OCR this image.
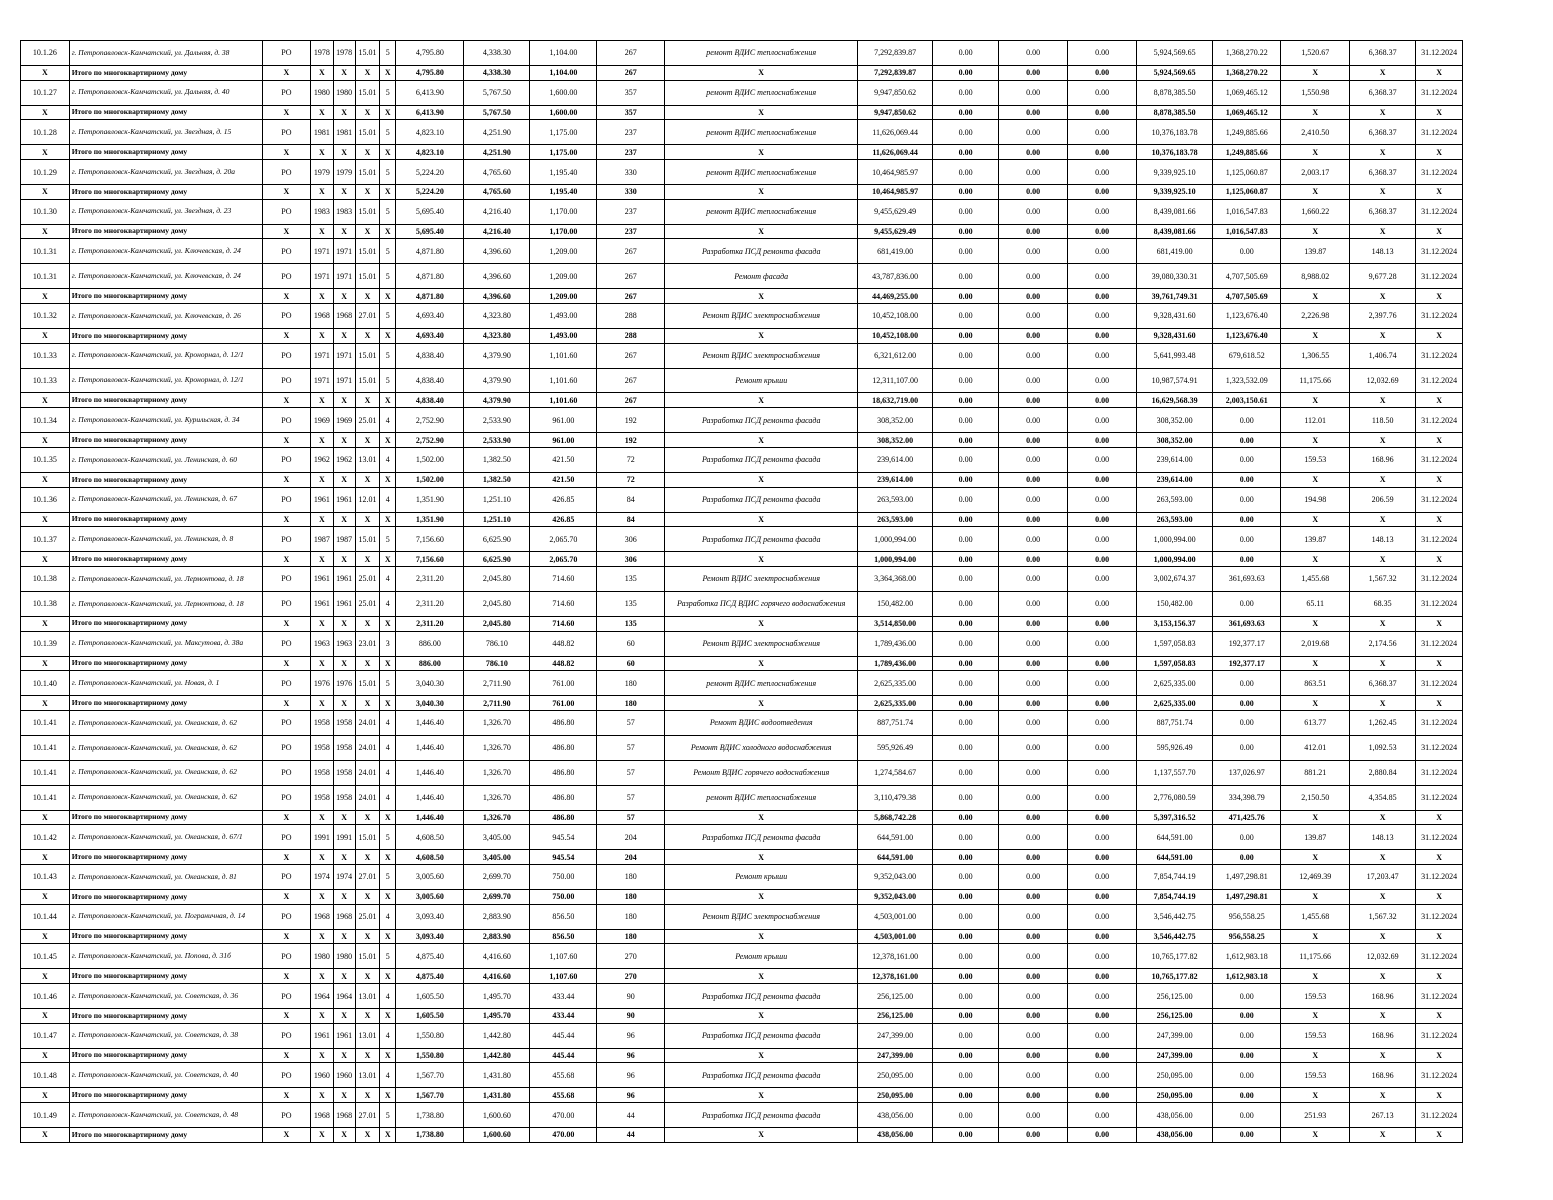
10.1.26	г. Петропавловск-Камчатский, ул. Дальняя, д. 38	РО	1978	1978	15.01	5	4,795.80	4,338.30	1,104.00	267	ремонт ВДИС теплоснабжения	7,292,839.87	0.00	0.00	0.00	5,924,569.65	1,368,270.22	1,520.67	6,368.37	31.12.2024
X	Итого по многоквартирному дому	X	X	X	X	X	4,795.80	4,338.30	1,104.00	267	X	7,292,839.87	0.00	0.00	0.00	5,924,569.65	1,368,270.22	X	X	X
10.1.27	г. Петропавловск-Камчатский, ул. Дальняя, д. 40	РО	1980	1980	15.01	5	6,413.90	5,767.50	1,600.00	357	ремонт ВДИС теплоснабжения	9,947,850.62	0.00	0.00	0.00	8,878,385.50	1,069,465.12	1,550.98	6,368.37	31.12.2024
X	Итого по многоквартирному дому	X	X	X	X	X	6,413.90	5,767.50	1,600.00	357	X	9,947,850.62	0.00	0.00	0.00	8,878,385.50	1,069,465.12	X	X	X
10.1.28	г. Петропавловск-Камчатский, ул. Звездная, д. 15	РО	1981	1981	15.01	5	4,823.10	4,251.90	1,175.00	237	ремонт ВДИС теплоснабжения	11,626,069.44	0.00	0.00	0.00	10,376,183.78	1,249,885.66	2,410.50	6,368.37	31.12.2024
X	Итого по многоквартирному дому	X	X	X	X	X	4,823.10	4,251.90	1,175.00	237	X	11,626,069.44	0.00	0.00	0.00	10,376,183.78	1,249,885.66	X	X	X
10.1.29	г. Петропавловск-Камчатский, ул. Звездная, д. 20а	РО	1979	1979	15.01	5	5,224.20	4,765.60	1,195.40	330	ремонт ВДИС теплоснабжения	10,464,985.97	0.00	0.00	0.00	9,339,925.10	1,125,060.87	2,003.17	6,368.37	31.12.2024
X	Итого по многоквартирному дому	X	X	X	X	X	5,224.20	4,765.60	1,195.40	330	X	10,464,985.97	0.00	0.00	0.00	9,339,925.10	1,125,060.87	X	X	X
10.1.30	г. Петропавловск-Камчатский, ул. Звездная, д. 23	РО	1983	1983	15.01	5	5,695.40	4,216.40	1,170.00	237	ремонт ВДИС теплоснабжения	9,455,629.49	0.00	0.00	0.00	8,439,081.66	1,016,547.83	1,660.22	6,368.37	31.12.2024
X	Итого по многоквартирному дому	X	X	X	X	X	5,695.40	4,216.40	1,170.00	237	X	9,455,629.49	0.00	0.00	0.00	8,439,081.66	1,016,547.83	X	X	X
10.1.31	г. Петропавловск-Камчатский, ул. Ключевская, д. 24	РО	1971	1971	15.01	5	4,871.80	4,396.60	1,209.00	267	Разработка ПСД ремонта фасада	681,419.00	0.00	0.00	0.00	681,419.00	0.00	139.87	148.13	31.12.2024
10.1.31	г. Петропавловск-Камчатский, ул. Ключевская, д. 24	РО	1971	1971	15.01	5	4,871.80	4,396.60	1,209.00	267	Ремонт фасада	43,787,836.00	0.00	0.00	0.00	39,080,330.31	4,707,505.69	8,988.02	9,677.28	31.12.2024
X	Итого по многоквартирному дому	X	X	X	X	X	4,871.80	4,396.60	1,209.00	267	X	44,469,255.00	0.00	0.00	0.00	39,761,749.31	4,707,505.69	X	X	X
10.1.32	г. Петропавловск-Камчатский, ул. Ключевская, д. 26	РО	1968	1968	27.01	5	4,693.40	4,323.80	1,493.00	288	Ремонт ВДИС электроснабжения	10,452,108.00	0.00	0.00	0.00	9,328,431.60	1,123,676.40	2,226.98	2,397.76	31.12.2024
X	Итого по многоквартирному дому	X	X	X	X	X	4,693.40	4,323.80	1,493.00	288	X	10,452,108.00	0.00	0.00	0.00	9,328,431.60	1,123,676.40	X	X	X
10.1.33	г. Петропавловск-Камчатский, ул. Кронорнал, д. 12/1	РО	1971	1971	15.01	5	4,838.40	4,379.90	1,101.60	267	Ремонт ВДИС электроснабжения	6,321,612.00	0.00	0.00	0.00	5,641,993.48	679,618.52	1,306.55	1,406.74	31.12.2024
10.1.33	г. Петропавловск-Камчатский, ул. Кронорнал, д. 12/1	РО	1971	1971	15.01	5	4,838.40	4,379.90	1,101.60	267	Ремонт крыши	12,311,107.00	0.00	0.00	0.00	10,987,574.91	1,323,532.09	11,175.66	12,032.69	31.12.2024
X	Итого по многоквартирному дому	X	X	X	X	X	4,838.40	4,379.90	1,101.60	267	X	18,632,719.00	0.00	0.00	0.00	16,629,568.39	2,003,150.61	X	X	X
10.1.34	г. Петропавловск-Камчатский, ул. Курильская, д. 34	РО	1969	1969	25.01	4	2,752.90	2,533.90	961.00	192	Разработка ПСД ремонта фасада	308,352.00	0.00	0.00	0.00	308,352.00	0.00	112.01	118.50	31.12.2024
X	Итого по многоквартирному дому	X	X	X	X	X	2,752.90	2,533.90	961.00	192	X	308,352.00	0.00	0.00	0.00	308,352.00	0.00	X	X	X
10.1.35	г. Петропавловск-Камчатский, ул. Ленинская, д. 60	РО	1962	1962	13.01	4	1,502.00	1,382.50	421.50	72	Разработка ПСД ремонта фасада	239,614.00	0.00	0.00	0.00	239,614.00	0.00	159.53	168.96	31.12.2024
X	Итого по многоквартирному дому	X	X	X	X	X	1,502.00	1,382.50	421.50	72	X	239,614.00	0.00	0.00	0.00	239,614.00	0.00	X	X	X
10.1.36	г. Петропавловск-Камчатский, ул. Ленинская, д. 67	РО	1961	1961	12.01	4	1,351.90	1,251.10	426.85	84	Разработка ПСД ремонта фасада	263,593.00	0.00	0.00	0.00	263,593.00	0.00	194.98	206.59	31.12.2024
X	Итого по многоквартирному дому	X	X	X	X	X	1,351.90	1,251.10	426.85	84	X	263,593.00	0.00	0.00	0.00	263,593.00	0.00	X	X	X
10.1.37	г. Петропавловск-Камчатский, ул. Ленинская, д. 8	РО	1987	1987	15.01	5	7,156.60	6,625.90	2,065.70	306	Разработка ПСД ремонта фасада	1,000,994.00	0.00	0.00	0.00	1,000,994.00	0.00	139.87	148.13	31.12.2024
X	Итого по многоквартирному дому	X	X	X	X	X	7,156.60	6,625.90	2,065.70	306	X	1,000,994.00	0.00	0.00	0.00	1,000,994.00	0.00	X	X	X
10.1.38	г. Петропавловск-Камчатский, ул. Лермонтова, д. 18	РО	1961	1961	25.01	4	2,311.20	2,045.80	714.60	135	Ремонт ВДИС электроснабжения	3,364,368.00	0.00	0.00	0.00	3,002,674.37	361,693.63	1,455.68	1,567.32	31.12.2024
10.1.38	г. Петропавловск-Камчатский, ул. Лермонтова, д. 18	РО	1961	1961	25.01	4	2,311.20	2,045.80	714.60	135	Разработка ПСД ВДИС горячего водоснабжения	150,482.00	0.00	0.00	0.00	150,482.00	0.00	65.11	68.35	31.12.2024
X	Итого по многоквартирному дому	X	X	X	X	X	2,311.20	2,045.80	714.60	135	X	3,514,850.00	0.00	0.00	0.00	3,153,156.37	361,693.63	X	X	X
10.1.39	г. Петропавловск-Камчатский, ул. Максутова, д. 38а	РО	1963	1963	23.01	3	886.00	786.10	448.82	60	Ремонт ВДИС электроснабжения	1,789,436.00	0.00	0.00	0.00	1,597,058.83	192,377.17	2,019.68	2,174.56	31.12.2024
X	Итого по многоквартирному дому	X	X	X	X	X	886.00	786.10	448.82	60	X	1,789,436.00	0.00	0.00	0.00	1,597,058.83	192,377.17	X	X	X
10.1.40	г. Петропавловск-Камчатский, ул. Новая, д. 1	РО	1976	1976	15.01	5	3,040.30	2,711.90	761.00	180	ремонт ВДИС теплоснабжения	2,625,335.00	0.00	0.00	0.00	2,625,335.00	0.00	863.51	6,368.37	31.12.2024
X	Итого по многоквартирному дому	X	X	X	X	X	3,040.30	2,711.90	761.00	180	X	2,625,335.00	0.00	0.00	0.00	2,625,335.00	0.00	X	X	X
10.1.41	г. Петропавловск-Камчатский, ул. Океанская, д. 62	РО	1958	1958	24.01	4	1,446.40	1,326.70	486.80	57	Ремонт ВДИС водоотведения	887,751.74	0.00	0.00	0.00	887,751.74	0.00	613.77	1,262.45	31.12.2024
10.1.41	г. Петропавловск-Камчатский, ул. Океанская, д. 62	РО	1958	1958	24.01	4	1,446.40	1,326.70	486.80	57	Ремонт ВДИС холодного водоснабжения	595,926.49	0.00	0.00	0.00	595,926.49	0.00	412.01	1,092.53	31.12.2024
10.1.41	г. Петропавловск-Камчатский, ул. Океанская, д. 62	РО	1958	1958	24.01	4	1,446.40	1,326.70	486.80	57	Ремонт ВДИС горячего водоснабжения	1,274,584.67	0.00	0.00	0.00	1,137,557.70	137,026.97	881.21	2,880.84	31.12.2024
10.1.41	г. Петропавловск-Камчатский, ул. Океанская, д. 62	РО	1958	1958	24.01	4	1,446.40	1,326.70	486.80	57	ремонт ВДИС теплоснабжения	3,110,479.38	0.00	0.00	0.00	2,776,080.59	334,398.79	2,150.50	4,354.85	31.12.2024
X	Итого по многоквартирному дому	X	X	X	X	X	1,446.40	1,326.70	486.80	57	X	5,868,742.28	0.00	0.00	0.00	5,397,316.52	471,425.76	X	X	X
10.1.42	г. Петропавловск-Камчатский, ул. Океанская, д. 67/1	РО	1991	1991	15.01	5	4,608.50	3,405.00	945.54	204	Разработка ПСД ремонта фасада	644,591.00	0.00	0.00	0.00	644,591.00	0.00	139.87	148.13	31.12.2024
X	Итого по многоквартирному дому	X	X	X	X	X	4,608.50	3,405.00	945.54	204	X	644,591.00	0.00	0.00	0.00	644,591.00	0.00	X	X	X
10.1.43	г. Петропавловск-Камчатский, ул. Океанская, д. 81	РО	1974	1974	27.01	5	3,005.60	2,699.70	750.00	180	Ремонт крыши	9,352,043.00	0.00	0.00	0.00	7,854,744.19	1,497,298.81	12,469.39	17,203.47	31.12.2024
X	Итого по многоквартирному дому	X	X	X	X	X	3,005.60	2,699.70	750.00	180	X	9,352,043.00	0.00	0.00	0.00	7,854,744.19	1,497,298.81	X	X	X
10.1.44	г. Петропавловск-Камчатский, ул. Пограничная, д. 14	РО	1968	1968	25.01	4	3,093.40	2,883.90	856.50	180	Ремонт ВДИС электроснабжения	4,503,001.00	0.00	0.00	0.00	3,546,442.75	956,558.25	1,455.68	1,567.32	31.12.2024
X	Итого по многоквартирному дому	X	X	X	X	X	3,093.40	2,883.90	856.50	180	X	4,503,001.00	0.00	0.00	0.00	3,546,442.75	956,558.25	X	X	X
10.1.45	г. Петропавловск-Камчатский, ул. Попова, д. 31б	РО	1980	1980	15.01	5	4,875.40	4,416.60	1,107.60	270	Ремонт крыши	12,378,161.00	0.00	0.00	0.00	10,765,177.82	1,612,983.18	11,175.66	12,032.69	31.12.2024
X	Итого по многоквартирному дому	X	X	X	X	X	4,875.40	4,416.60	1,107.60	270	X	12,378,161.00	0.00	0.00	0.00	10,765,177.82	1,612,983.18	X	X	X
10.1.46	г. Петропавловск-Камчатский, ул. Советская, д. 36	РО	1964	1964	13.01	4	1,605.50	1,495.70	433.44	90	Разработка ПСД ремонта фасада	256,125.00	0.00	0.00	0.00	256,125.00	0.00	159.53	168.96	31.12.2024
X	Итого по многоквартирному дому	X	X	X	X	X	1,605.50	1,495.70	433.44	90	X	256,125.00	0.00	0.00	0.00	256,125.00	0.00	X	X	X
10.1.47	г. Петропавловск-Камчатский, ул. Советская, д. 38	РО	1961	1961	13.01	4	1,550.80	1,442.80	445.44	96	Разработка ПСД ремонта фасада	247,399.00	0.00	0.00	0.00	247,399.00	0.00	159.53	168.96	31.12.2024
X	Итого по многоквартирному дому	X	X	X	X	X	1,550.80	1,442.80	445.44	96	X	247,399.00	0.00	0.00	0.00	247,399.00	0.00	X	X	X
10.1.48	г. Петропавловск-Камчатский, ул. Советская, д. 40	РО	1960	1960	13.01	4	1,567.70	1,431.80	455.68	96	Разработка ПСД ремонта фасада	250,095.00	0.00	0.00	0.00	250,095.00	0.00	159.53	168.96	31.12.2024
X	Итого по многоквартирному дому	X	X	X	X	X	1,567.70	1,431.80	455.68	96	X	250,095.00	0.00	0.00	0.00	250,095.00	0.00	X	X	X
10.1.49	г. Петропавловск-Камчатский, ул. Советская, д. 48	РО	1968	1968	27.01	5	1,738.80	1,600.60	470.00	44	Разработка ПСД ремонта фасада	438,056.00	0.00	0.00	0.00	438,056.00	0.00	251.93	267.13	31.12.2024
X	Итого по многоквартирному дому	X	X	X	X	X	1,738.80	1,600.60	470.00	44	X	438,056.00	0.00	0.00	0.00	438,056.00	0.00	X	X	X
